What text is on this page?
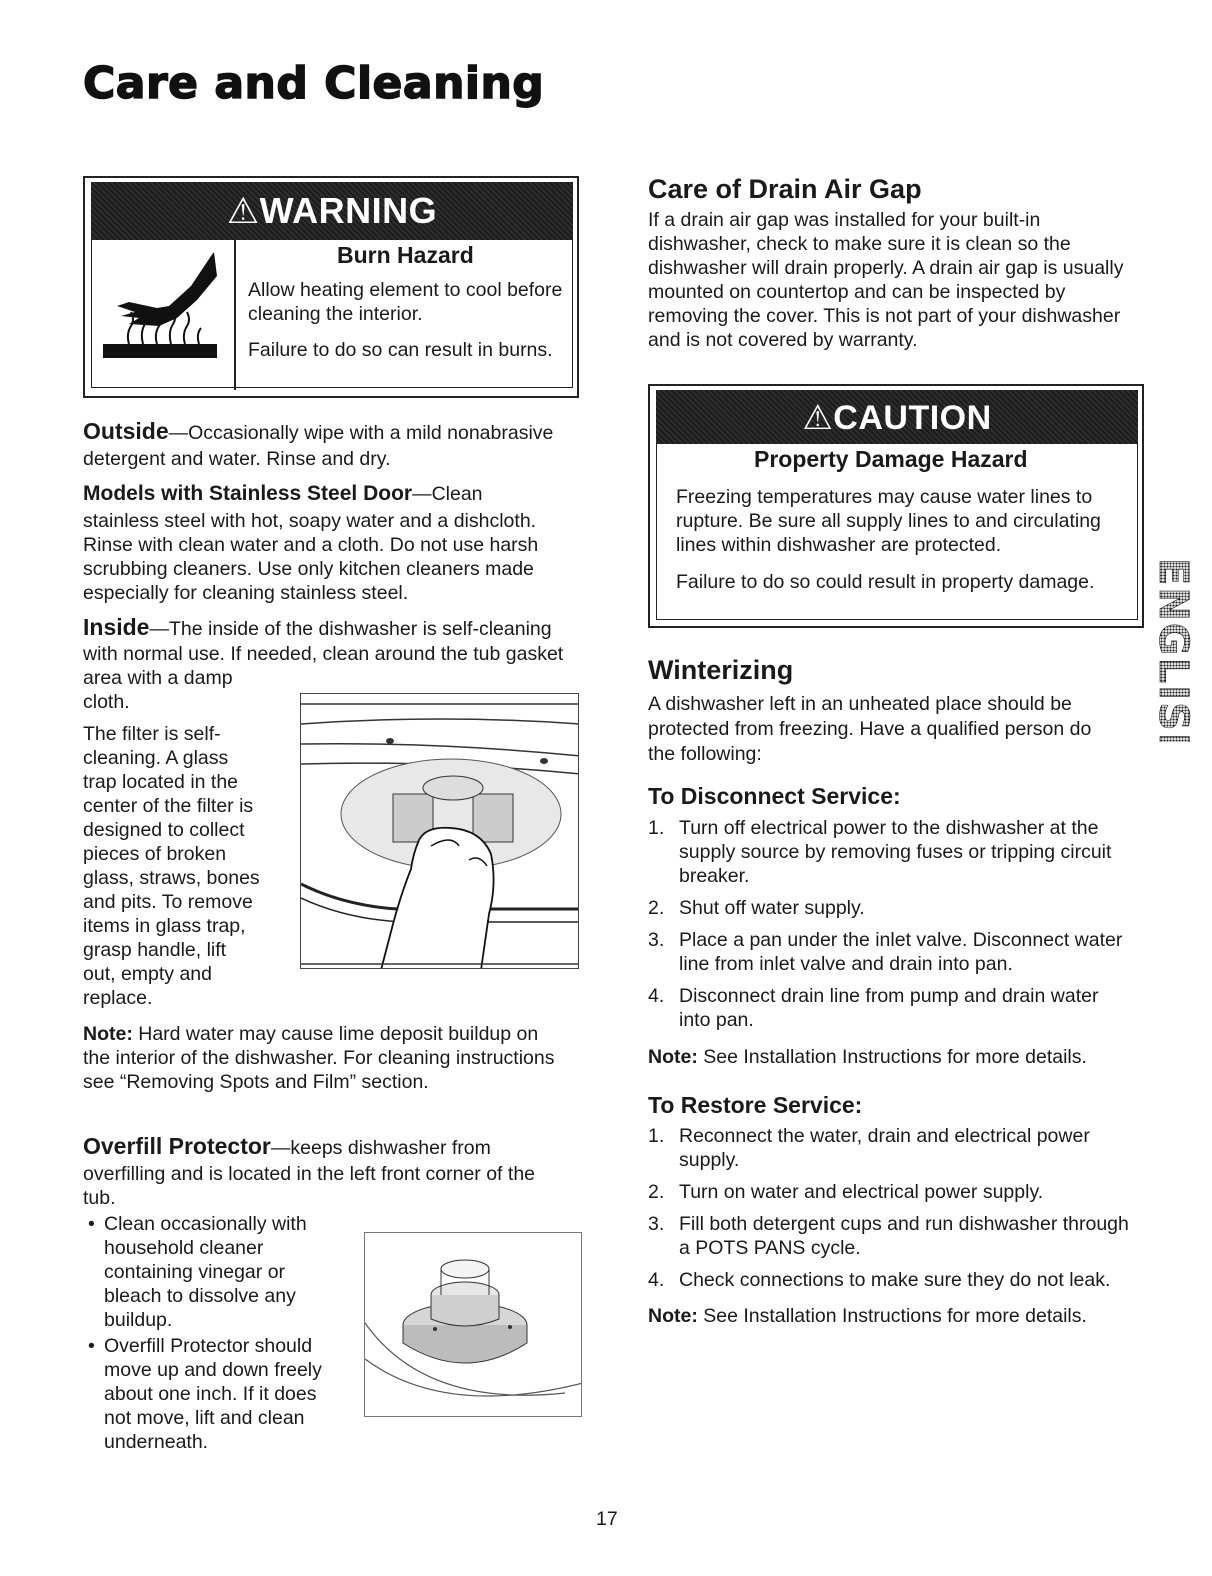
Care and Cleaning
⚠WARNING
Burn Hazard
Allow heating element to cool before
cleaning the interior.
Failure to do so can result in burns.
Outside—Occasionally wipe with a mild nonabrasive
detergent and water. Rinse and dry.
Models with Stainless Steel Door—Clean
stainless steel with hot, soapy water and a dishcloth.
Rinse with clean water and a cloth. Do not use harsh
scrubbing cleaners. Use only kitchen cleaners made
especially for cleaning stainless steel.
Inside—The inside of the dishwasher is self-cleaning
with normal use. If needed, clean around the tub gasket
area with a damp
cloth.
The filter is self-
cleaning. A glass
trap located in the
center of the filter is
designed to collect
pieces of broken
glass, straws, bones
and pits. To remove
items in glass trap,
grasp handle, lift
out, empty and
replace.
Note: Hard water may cause lime deposit buildup on
the interior of the dishwasher. For cleaning instructions
see “Removing Spots and Film” section.
Overfill Protector—keeps dishwasher from
overfilling and is located in the left front corner of the
tub.
• Clean occasionally with
household cleaner
containing vinegar or
bleach to dissolve any
buildup.
• Overfill Protector should
move up and down freely
about one inch. If it does
not move, lift and clean
underneath.
Care of Drain Air Gap
If a drain air gap was installed for your built-in
dishwasher, check to make sure it is clean so the
dishwasher will drain properly. A drain air gap is usually
mounted on countertop and can be inspected by
removing the cover. This is not part of your dishwasher
and is not covered by warranty.
⚠CAUTION
Property Damage Hazard
Freezing temperatures may cause water lines to
rupture. Be sure all supply lines to and circulating
lines within dishwasher are protected.
Failure to do so could result in property damage.
Winterizing
A dishwasher left in an unheated place should be
protected from freezing. Have a qualified person do
the following:
To Disconnect Service:
1. Turn off electrical power to the dishwasher at the
supply source by removing fuses or tripping circuit
breaker.
2. Shut off water supply.
3. Place a pan under the inlet valve. Disconnect water
line from inlet valve and drain into pan.
4. Disconnect drain line from pump and drain water
into pan.
Note: See Installation Instructions for more details.
To Restore Service:
1. Reconnect the water, drain and electrical power
supply.
2. Turn on water and electrical power supply.
3. Fill both detergent cups and run dishwasher through
a POTS PANS cycle.
4. Check connections to make sure they do not leak.
Note: See Installation Instructions for more details.
ENGLISH
17
